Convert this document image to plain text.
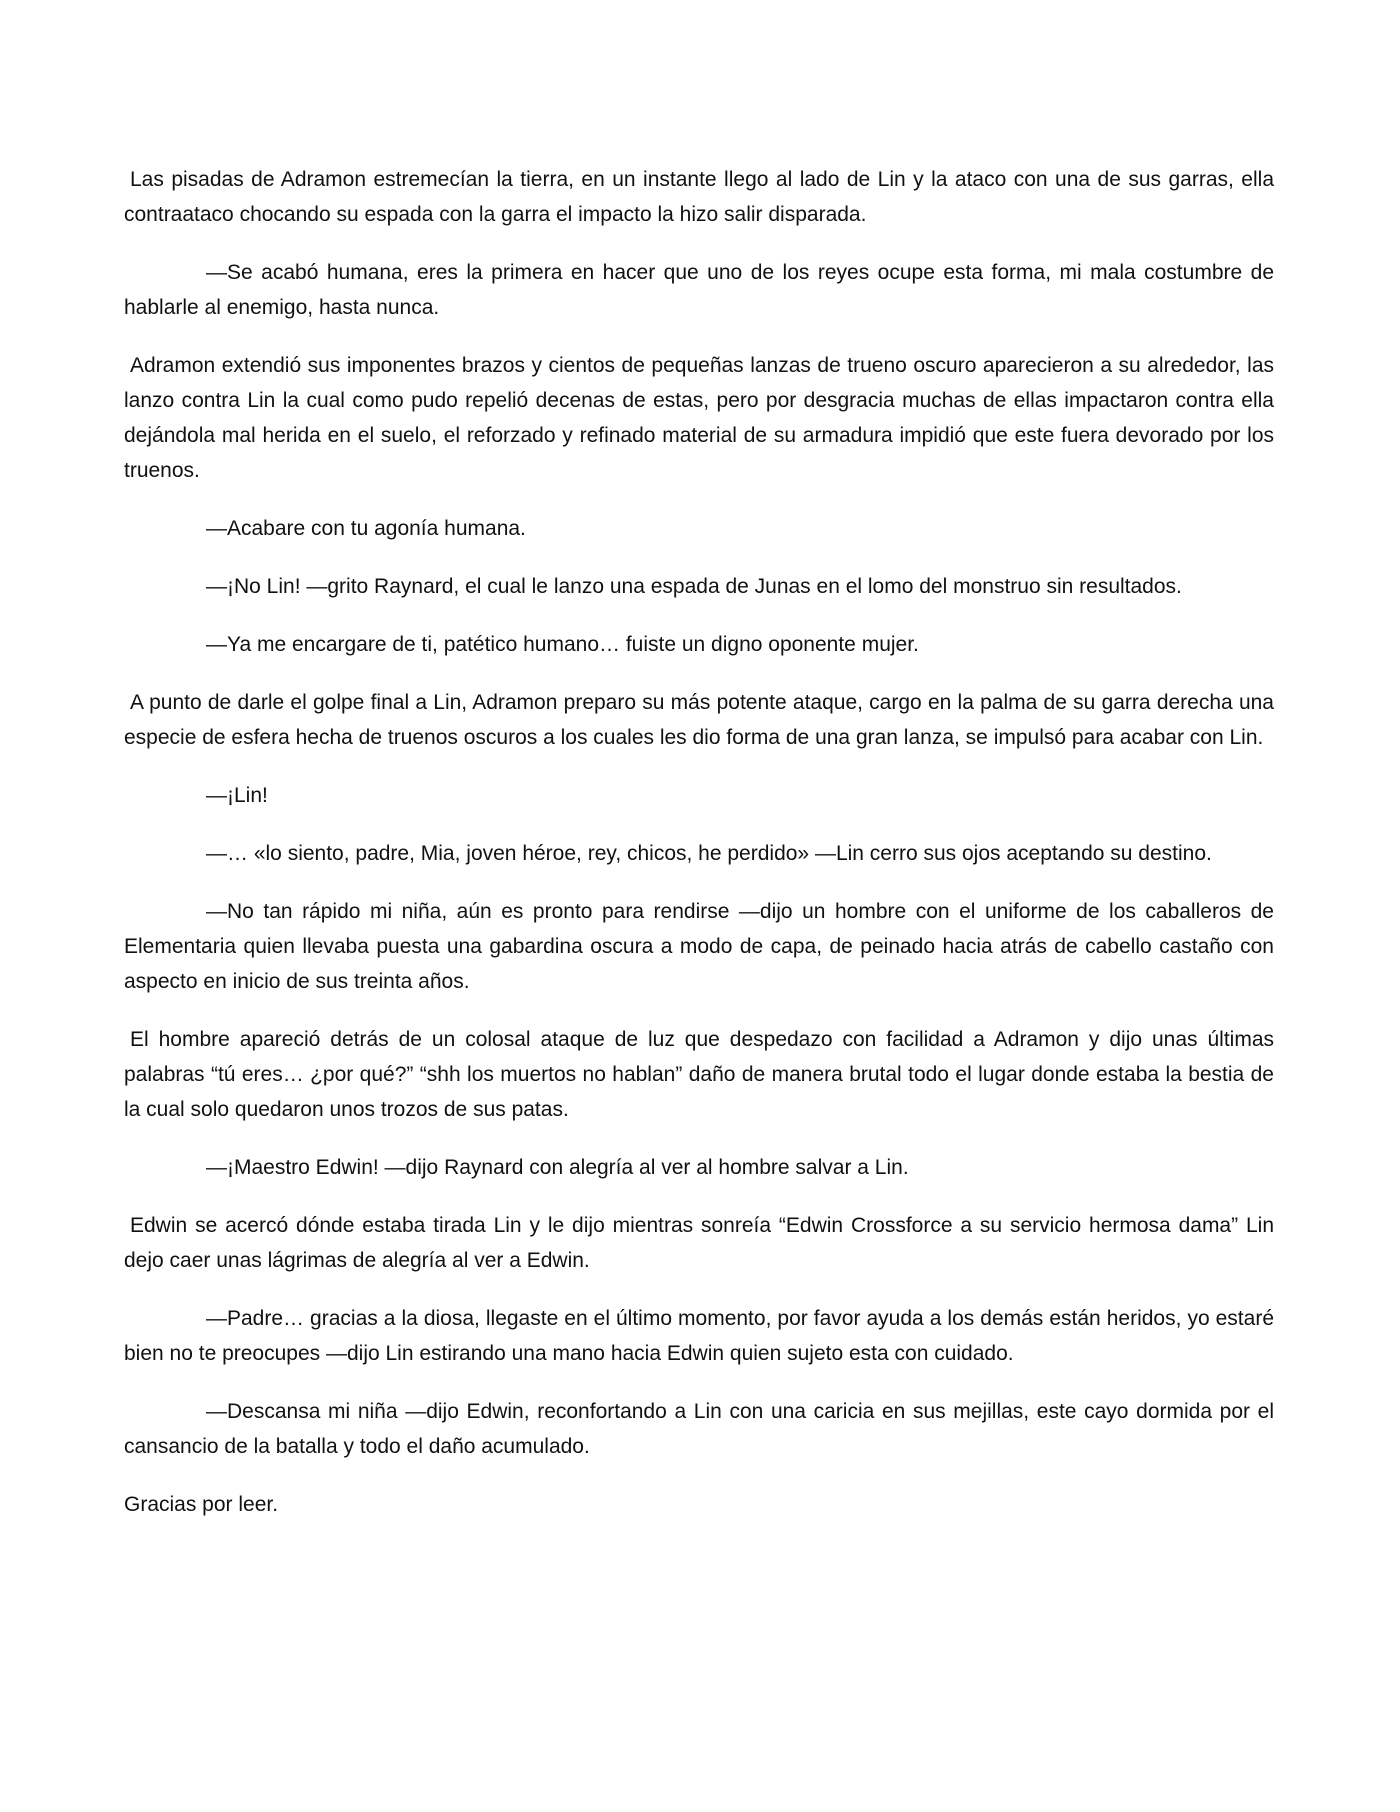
Las pisadas de Adramon estremecían la tierra, en un instante llego al lado de Lin y la ataco con una de sus garras, ella contraataco chocando su espada con la garra el impacto la hizo salir disparada.

—Se acabó humana, eres la primera en hacer que uno de los reyes ocupe esta forma, mi mala costumbre de hablarle al enemigo, hasta nunca.

Adramon extendió sus imponentes brazos y cientos de pequeñas lanzas de trueno oscuro aparecieron a su alrededor, las lanzo contra Lin la cual como pudo repelió decenas de estas, pero por desgracia muchas de ellas impactaron contra ella dejándola mal herida en el suelo, el reforzado y refinado material de su armadura impidió que este fuera devorado por los truenos.

—Acabare con tu agonía humana.

—¡No Lin! —grito Raynard, el cual le lanzo una espada de Junas en el lomo del monstruo sin resultados.

—Ya me encargare de ti, patético humano… fuiste un digno oponente mujer.

A punto de darle el golpe final a Lin, Adramon preparo su más potente ataque, cargo en la palma de su garra derecha una especie de esfera hecha de truenos oscuros a los cuales les dio forma de una gran lanza, se impulsó para acabar con Lin.

—¡Lin!

—… «lo siento, padre, Mia, joven héroe, rey, chicos, he perdido» —Lin cerro sus ojos aceptando su destino.

—No tan rápido mi niña, aún es pronto para rendirse —dijo un hombre con el uniforme de los caballeros de Elementaria quien llevaba puesta una gabardina oscura a modo de capa, de peinado hacia atrás de cabello castaño con aspecto en inicio de sus treinta años.

El hombre apareció detrás de un colosal ataque de luz que despedazo con facilidad a Adramon y dijo unas últimas palabras “tú eres… ¿por qué?” “shh los muertos no hablan” daño de manera brutal todo el lugar donde estaba la bestia de la cual solo quedaron unos trozos de sus patas.

—¡Maestro Edwin! —dijo Raynard con alegría al ver al hombre salvar a Lin.

Edwin se acercó dónde estaba tirada Lin y le dijo mientras sonreía “Edwin Crossforce a su servicio hermosa dama” Lin dejo caer unas lágrimas de alegría al ver a Edwin.

—Padre… gracias a la diosa, llegaste en el último momento, por favor ayuda a los demás están heridos, yo estaré bien no te preocupes —dijo Lin estirando una mano hacia Edwin quien sujeto esta con cuidado.

—Descansa mi niña —dijo Edwin, reconfortando a Lin con una caricia en sus mejillas, este cayo dormida por el cansancio de la batalla y todo el daño acumulado.

Gracias por leer.
